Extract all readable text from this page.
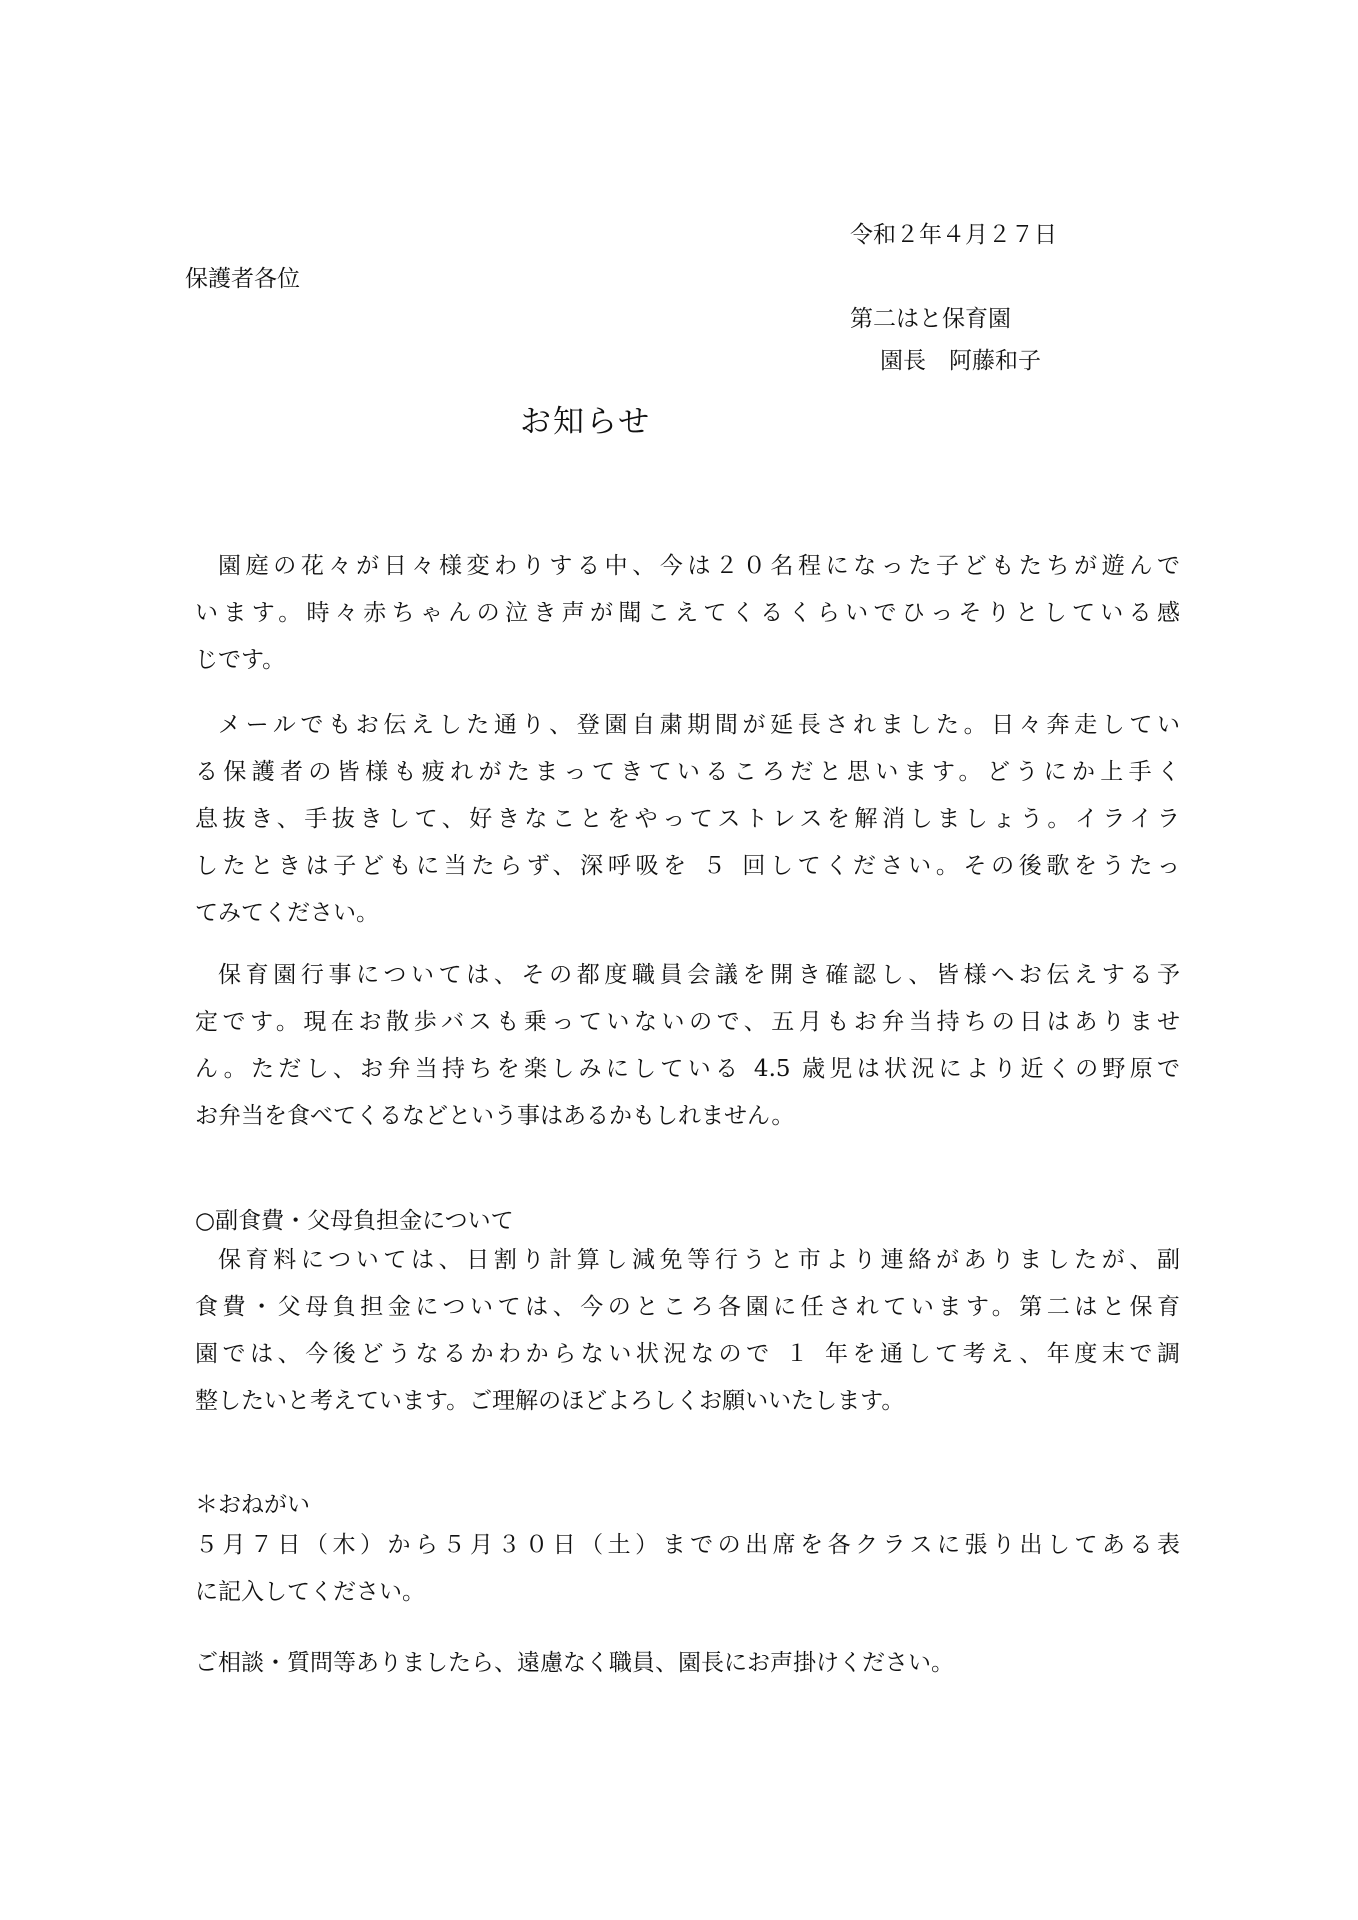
令和２年４月２７日
保護者各位
第二はと保育園
園長　阿藤和子
お知らせ
園庭の花々が日々様変わりする中、今は２０名程になった子どもたちが遊んで
います。時々赤ちゃんの泣き声が聞こえてくるくらいでひっそりとしている感
じです。
メールでもお伝えした通り、登園自粛期間が延長されました。日々奔走してい
る保護者の皆様も疲れがたまってきているころだと思います。どうにか上手く
息抜き、手抜きして、好きなことをやってストレスを解消しましょう。イライラ
したときは子どもに当たらず、深呼吸を ５ 回してください。その後歌をうたっ
てみてください。
保育園行事については、その都度職員会議を開き確認し、皆様へお伝えする予
定です。現在お散歩バスも乗っていないので、五月もお弁当持ちの日はありませ
ん。ただし、お弁当持ちを楽しみにしている 4.5 歳児は状況により近くの野原で
お弁当を食べてくるなどという事はあるかもしれません。
○副食費・父母負担金について
保育料については、日割り計算し減免等行うと市より連絡がありましたが、副
食費・父母負担金については、今のところ各園に任されています。第二はと保育
園では、今後どうなるかわからない状況なので １ 年を通して考え、年度末で調
整したいと考えています。ご理解のほどよろしくお願いいたします。
＊おねがい
５月７日（木）から５月３０日（土）までの出席を各クラスに張り出してある表
に記入してください。
ご相談・質問等ありましたら、遠慮なく職員、園長にお声掛けください。
